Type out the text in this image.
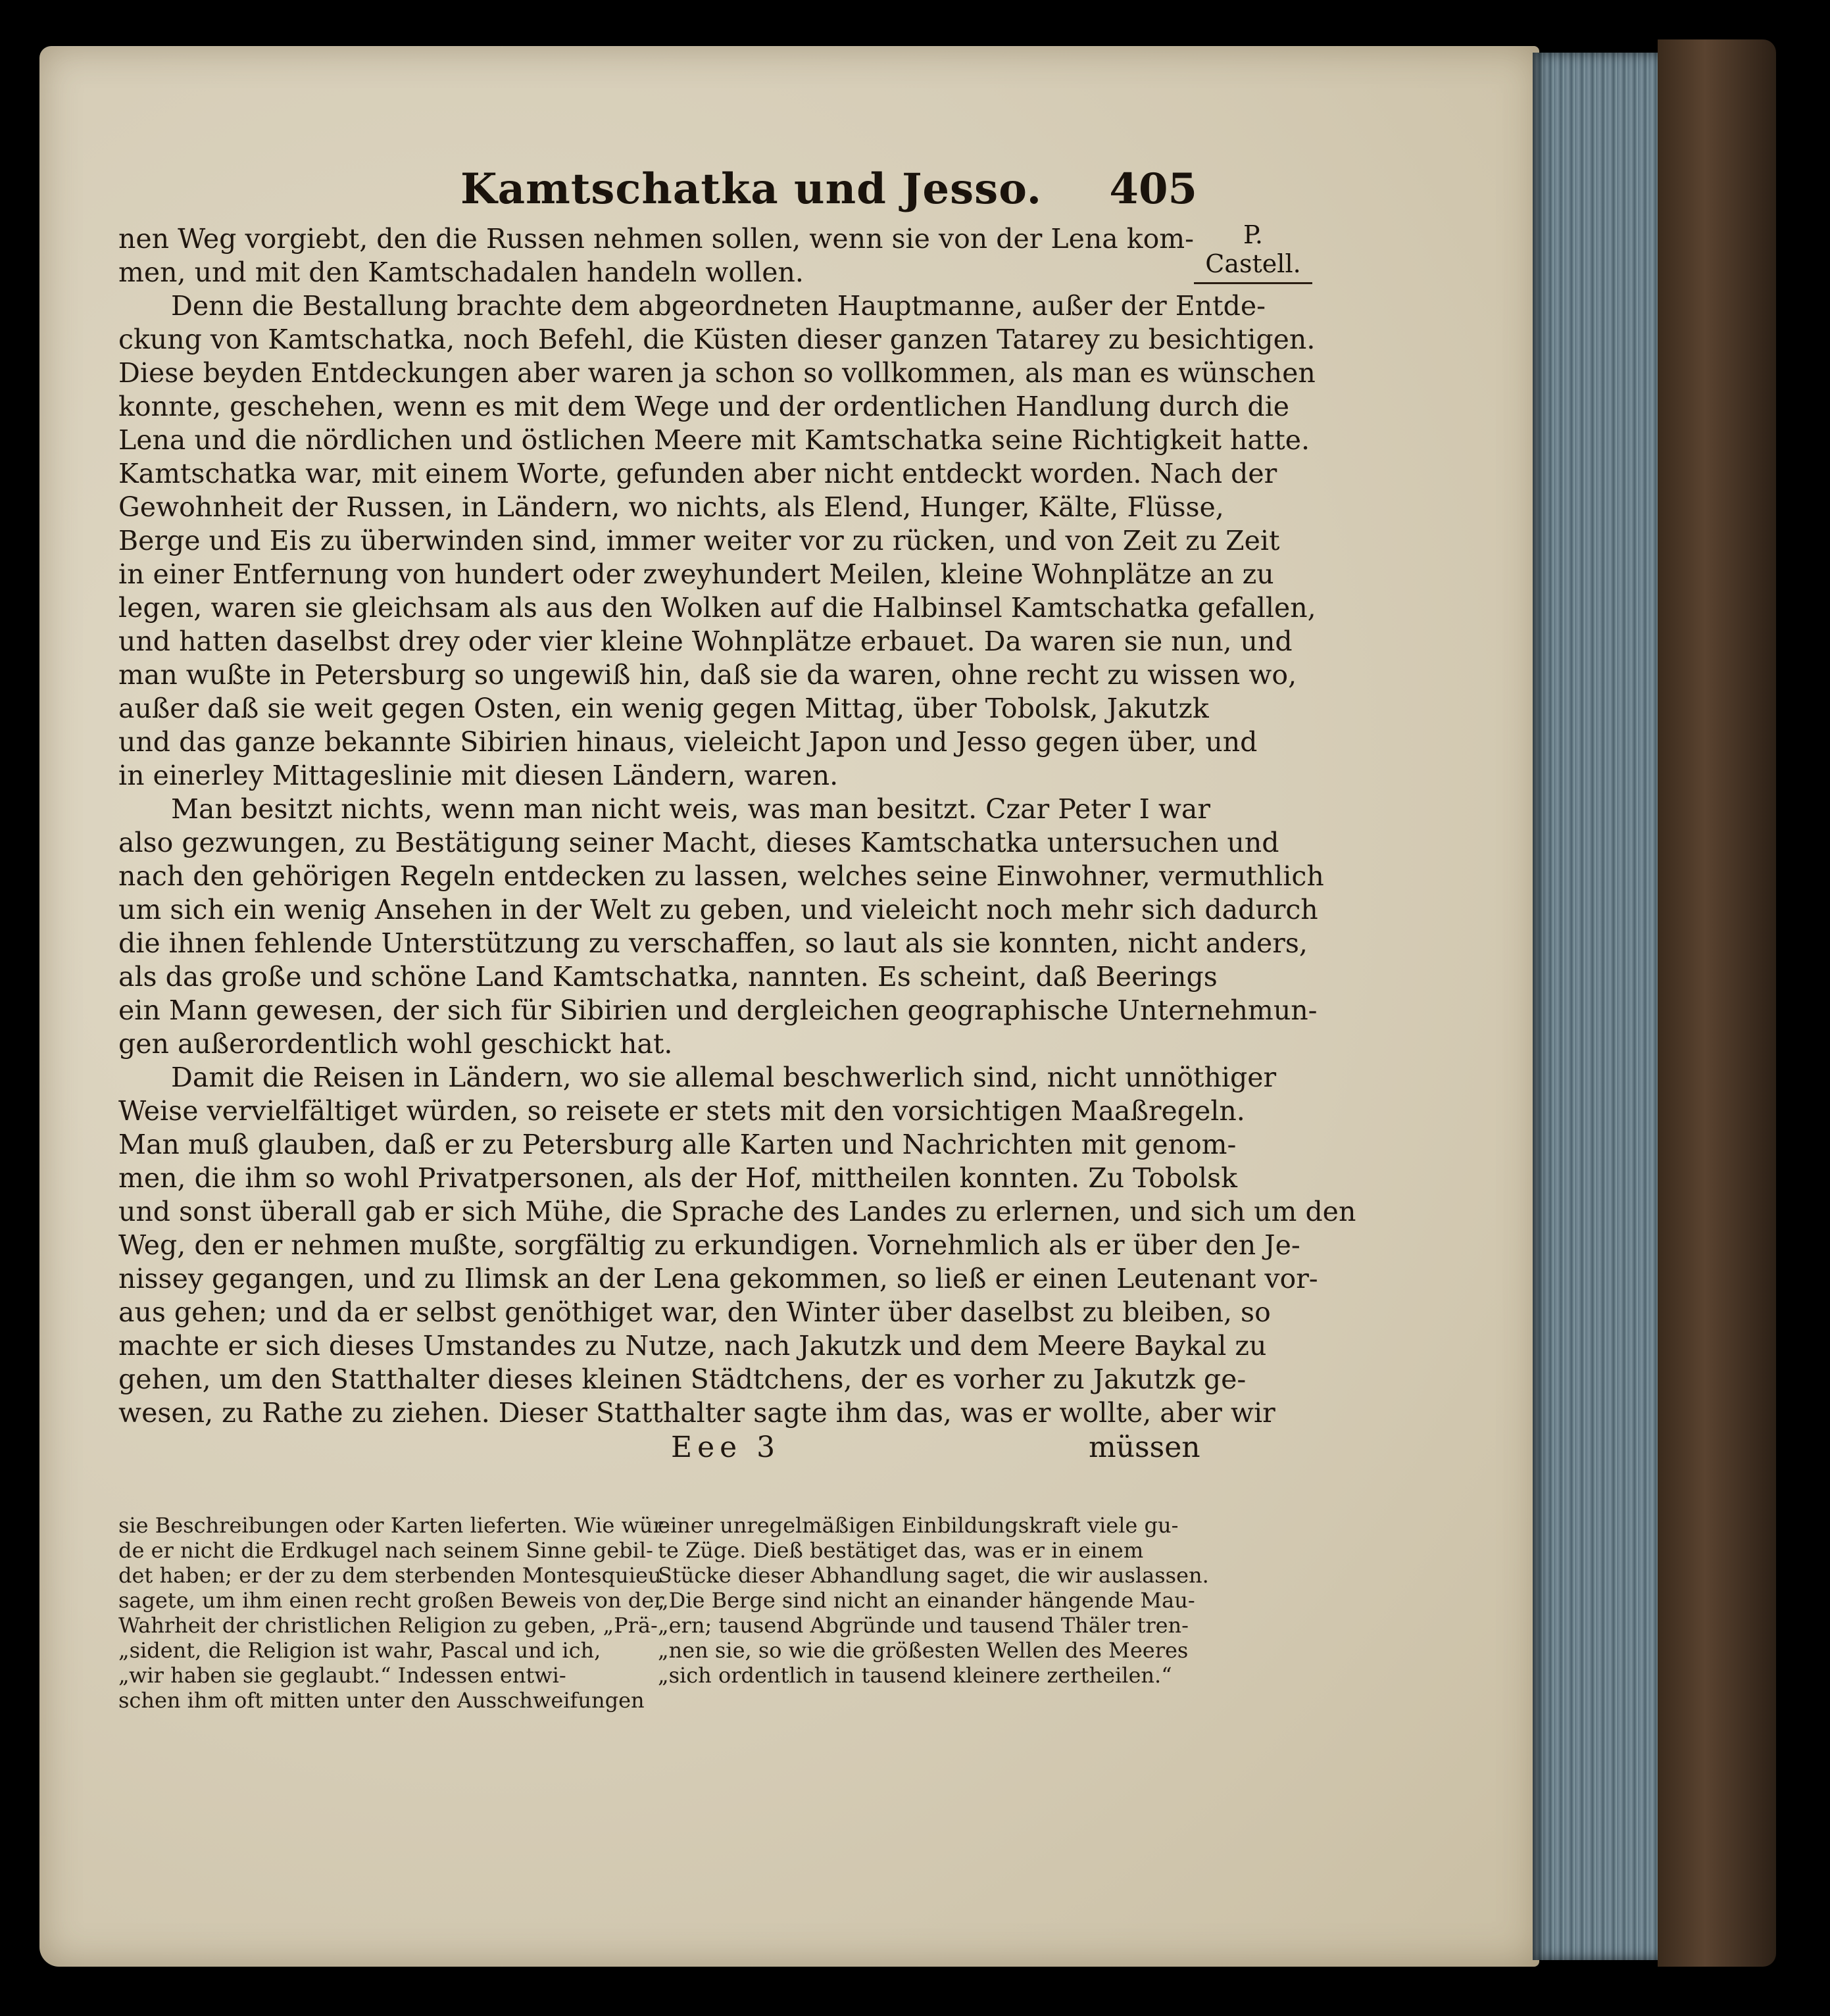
Kamtschatka und Jesso. 405
P. Castell.
nen Weg vorgiebt, den die Russen nehmen sollen, wenn sie von der Lena kom-
men, und mit den Kamtschadalen handeln wollen.
Denn die Bestallung brachte dem abgeordneten Hauptmanne, außer der Entde-
ckung von Kamtschatka, noch Befehl, die Küsten dieser ganzen Tatarey zu besichtigen.
Diese beyden Entdeckungen aber waren ja schon so vollkommen, als man es wünschen
konnte, geschehen, wenn es mit dem Wege und der ordentlichen Handlung durch die
Lena und die nördlichen und östlichen Meere mit Kamtschatka seine Richtigkeit hatte.
Kamtschatka war, mit einem Worte, gefunden aber nicht entdeckt worden. Nach der
Gewohnheit der Russen, in Ländern, wo nichts, als Elend, Hunger, Kälte, Flüsse,
Berge und Eis zu überwinden sind, immer weiter vor zu rücken, und von Zeit zu Zeit
in einer Entfernung von hundert oder zweyhundert Meilen, kleine Wohnplätze an zu
legen, waren sie gleichsam als aus den Wolken auf die Halbinsel Kamtschatka gefallen,
und hatten daselbst drey oder vier kleine Wohnplätze erbauet. Da waren sie nun, und
man wußte in Petersburg so ungewiß hin, daß sie da waren, ohne recht zu wissen wo,
außer daß sie weit gegen Osten, ein wenig gegen Mittag, über Tobolsk, Jakutzk
und das ganze bekannte Sibirien hinaus, vieleicht Japon und Jesso gegen über, und
in einerley Mittageslinie mit diesen Ländern, waren.
Man besitzt nichts, wenn man nicht weis, was man besitzt. Czar Peter I war
also gezwungen, zu Bestätigung seiner Macht, dieses Kamtschatka untersuchen und
nach den gehörigen Regeln entdecken zu lassen, welches seine Einwohner, vermuthlich
um sich ein wenig Ansehen in der Welt zu geben, und vieleicht noch mehr sich dadurch
die ihnen fehlende Unterstützung zu verschaffen, so laut als sie konnten, nicht anders,
als das große und schöne Land Kamtschatka, nannten. Es scheint, daß Beerings
ein Mann gewesen, der sich für Sibirien und dergleichen geographische Unternehmun-
gen außerordentlich wohl geschickt hat.
Damit die Reisen in Ländern, wo sie allemal beschwerlich sind, nicht unnöthiger
Weise vervielfältiget würden, so reisete er stets mit den vorsichtigen Maaßregeln.
Man muß glauben, daß er zu Petersburg alle Karten und Nachrichten mit genom-
men, die ihm so wohl Privatpersonen, als der Hof, mittheilen konnten. Zu Tobolsk
und sonst überall gab er sich Mühe, die Sprache des Landes zu erlernen, und sich um den
Weg, den er nehmen mußte, sorgfältig zu erkundigen. Vornehmlich als er über den Je-
nissey gegangen, und zu Ilimsk an der Lena gekommen, so ließ er einen Leutenant vor-
aus gehen; und da er selbst genöthiget war, den Winter über daselbst zu bleiben, so
machte er sich dieses Umstandes zu Nutze, nach Jakutzk und dem Meere Baykal zu
gehen, um den Statthalter dieses kleinen Städtchens, der es vorher zu Jakutzk ge-
wesen, zu Rathe zu ziehen. Dieser Statthalter sagte ihm das, was er wollte, aber wir
Eee 3	müssen
sie Beschreibungen oder Karten lieferten. Wie wür-
de er nicht die Erdkugel nach seinem Sinne gebil-
det haben; er der zu dem sterbenden Montesquieu
sagete, um ihm einen recht großen Beweis von der
Wahrheit der christlichen Religion zu geben, „Prä-
„sident, die Religion ist wahr, Pascal und ich,
„wir haben sie geglaubt.“ Indessen entwi-
schen ihm oft mitten unter den Ausschweifungen
einer unregelmäßigen Einbildungskraft viele gu-
te Züge. Dieß bestätiget das, was er in einem
Stücke dieser Abhandlung saget, die wir auslassen.
„Die Berge sind nicht an einander hängende Mau-
„ern; tausend Abgründe und tausend Thäler tren-
„nen sie, so wie die größesten Wellen des Meeres
„sich ordentlich in tausend kleinere zertheilen.“
